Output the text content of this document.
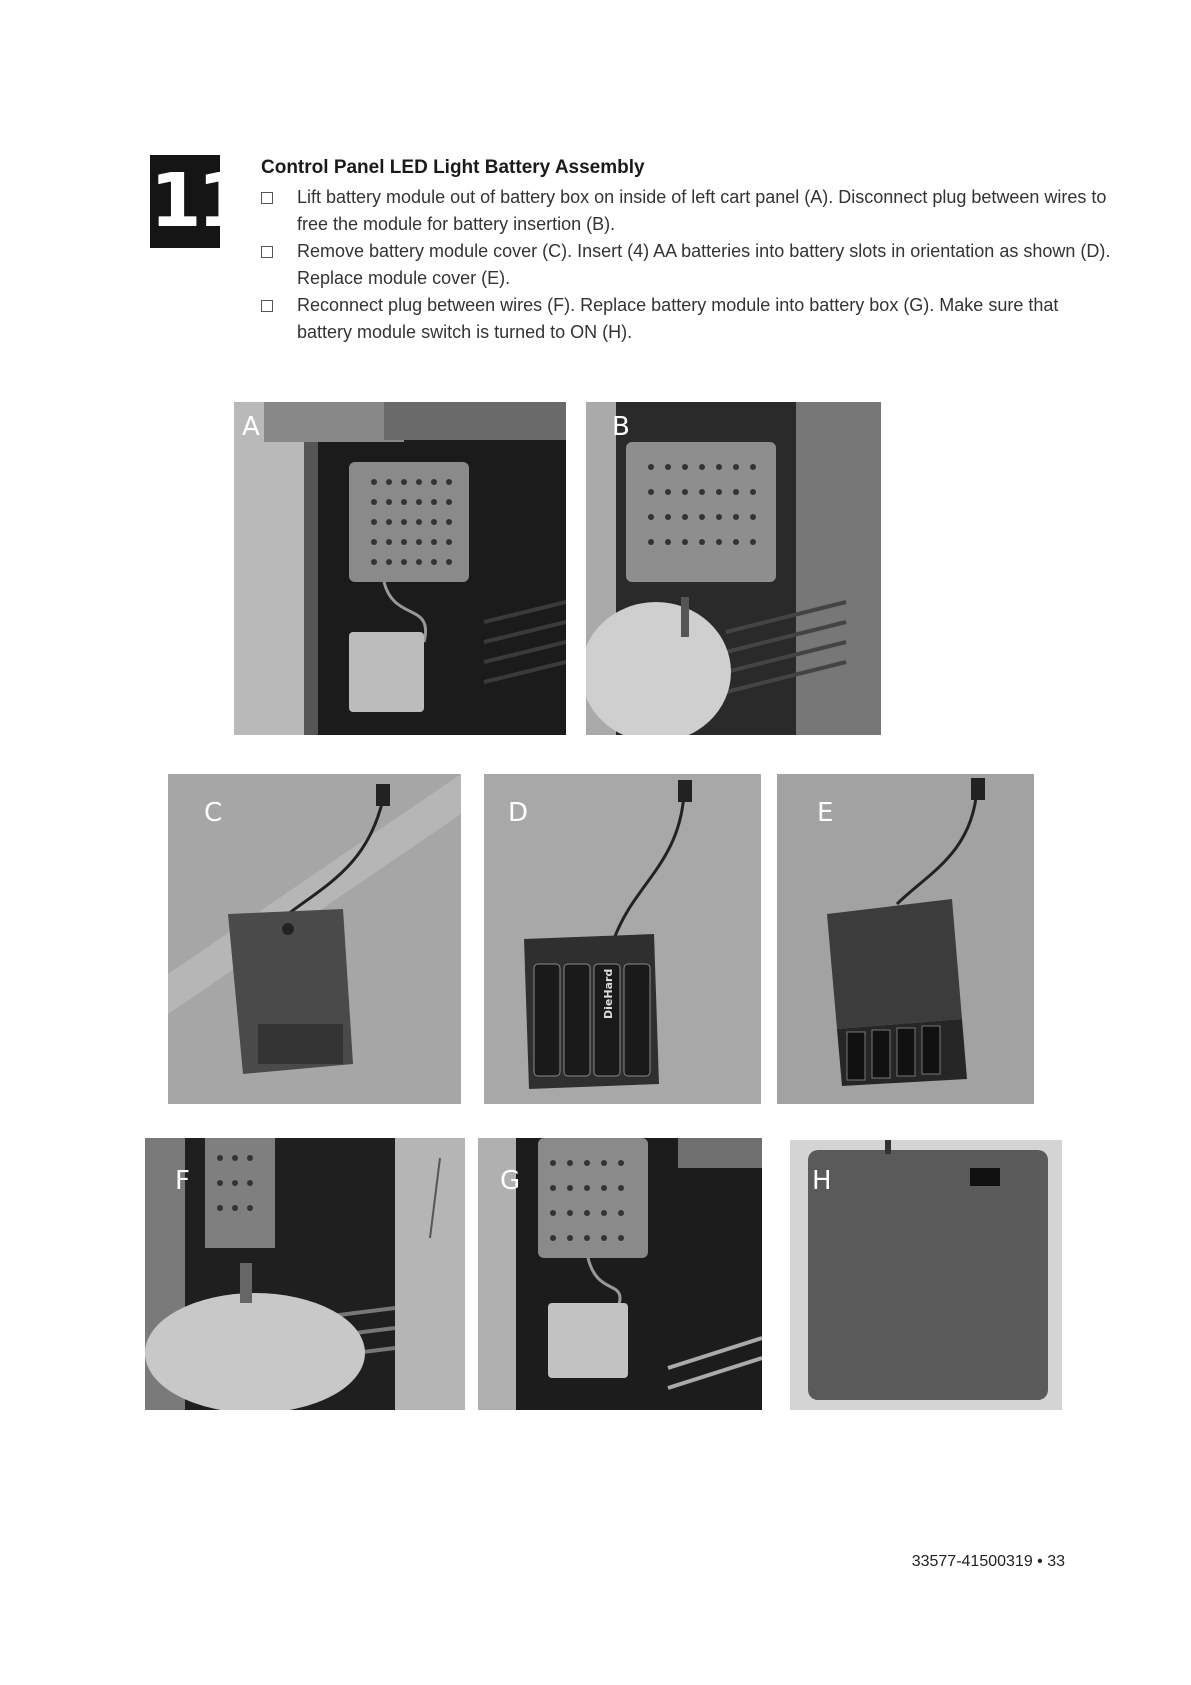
11 Control Panel LED Light Battery Assembly
Lift battery module out of battery box on inside of left cart panel (A). Disconnect plug between wires to free the module for battery insertion (B).
Remove battery module cover (C). Insert (4) AA batteries into battery slots in orientation as shown (D). Replace module cover (E).
Reconnect plug between wires (F). Replace battery module into battery box (G). Make sure that battery module switch is turned to ON (H).
A	B
C	D
DieHard
E
F	G	H
33577-41500319 • 33
